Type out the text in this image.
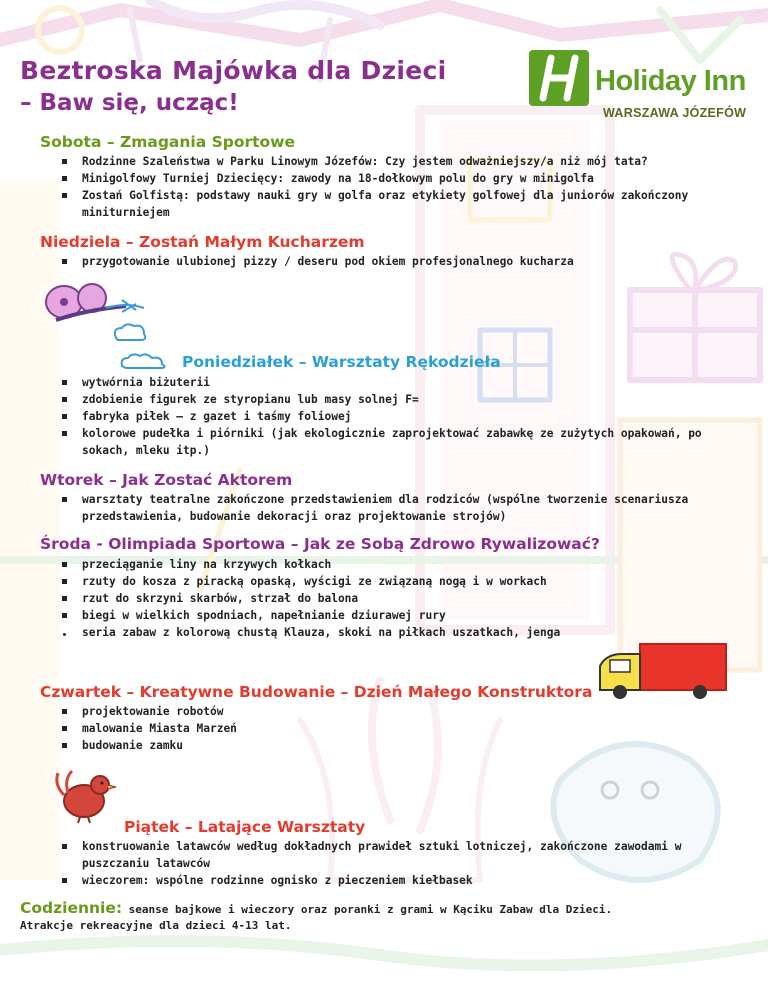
Beztroska Majówka dla Dzieci
– Baw się, ucząc!
Holiday Inn
WARSZAWA JÓZEFÓW
Sobota – Zmagania Sportowe
Rodzinne Szaleństwa w Parku Linowym Józefów: Czy jestem odważniejszy/a niż mój tata?
Minigolfowy Turniej Dziecięcy: zawody na 18-dołkowym polu do gry w minigolfa
Zostań Golfistą: podstawy nauki gry w golfa oraz etykiety golfowej dla juniorów zakończony miniturniejem
Niedziela – Zostań Małym Kucharzem
przygotowanie ulubionej pizzy / deseru pod okiem profesjonalnego kucharza
Poniedziałek – Warsztaty Rękodzieła
wytwórnia biżuterii
zdobienie figurek ze styropianu lub masy solnej F=
fabryka piłek – z gazet i taśmy foliowej
kolorowe pudełka i piórniki (jak ekologicznie zaprojektować zabawkę ze zużytych opakowań, po sokach, mleku itp.)
Wtorek – Jak Zostać Aktorem
warsztaty teatralne zakończone przedstawieniem dla rodziców (wspólne tworzenie scenariusza przedstawienia, budowanie dekoracji oraz projektowanie strojów)
Środa - Olimpiada Sportowa – Jak ze Sobą Zdrowo Rywalizować?
przeciąganie liny na krzywych kołkach
rzuty do kosza z piracką opaską, wyścigi ze związaną nogą i w workach
rzut do skrzyni skarbów, strzał do balona
biegi w wielkich spodniach, napełnianie dziurawej rury
seria zabaw z kolorową chustą Klauza, skoki na piłkach uszatkach, jenga
Czwartek – Kreatywne Budowanie – Dzień Małego Konstruktora
projektowanie robotów
malowanie Miasta Marzeń
budowanie zamku
Piątek – Latające Warsztaty
konstruowanie latawców według dokładnych prawideł sztuki lotniczej, zakończone zawodami w puszczaniu latawców
wieczorem: wspólne rodzinne ognisko z pieczeniem kiełbasek
Codziennie: seanse bajkowe i wieczory oraz poranki z grami w Kąciku Zabaw dla Dzieci.
Atrakcje rekreacyjne dla dzieci 4-13 lat.
